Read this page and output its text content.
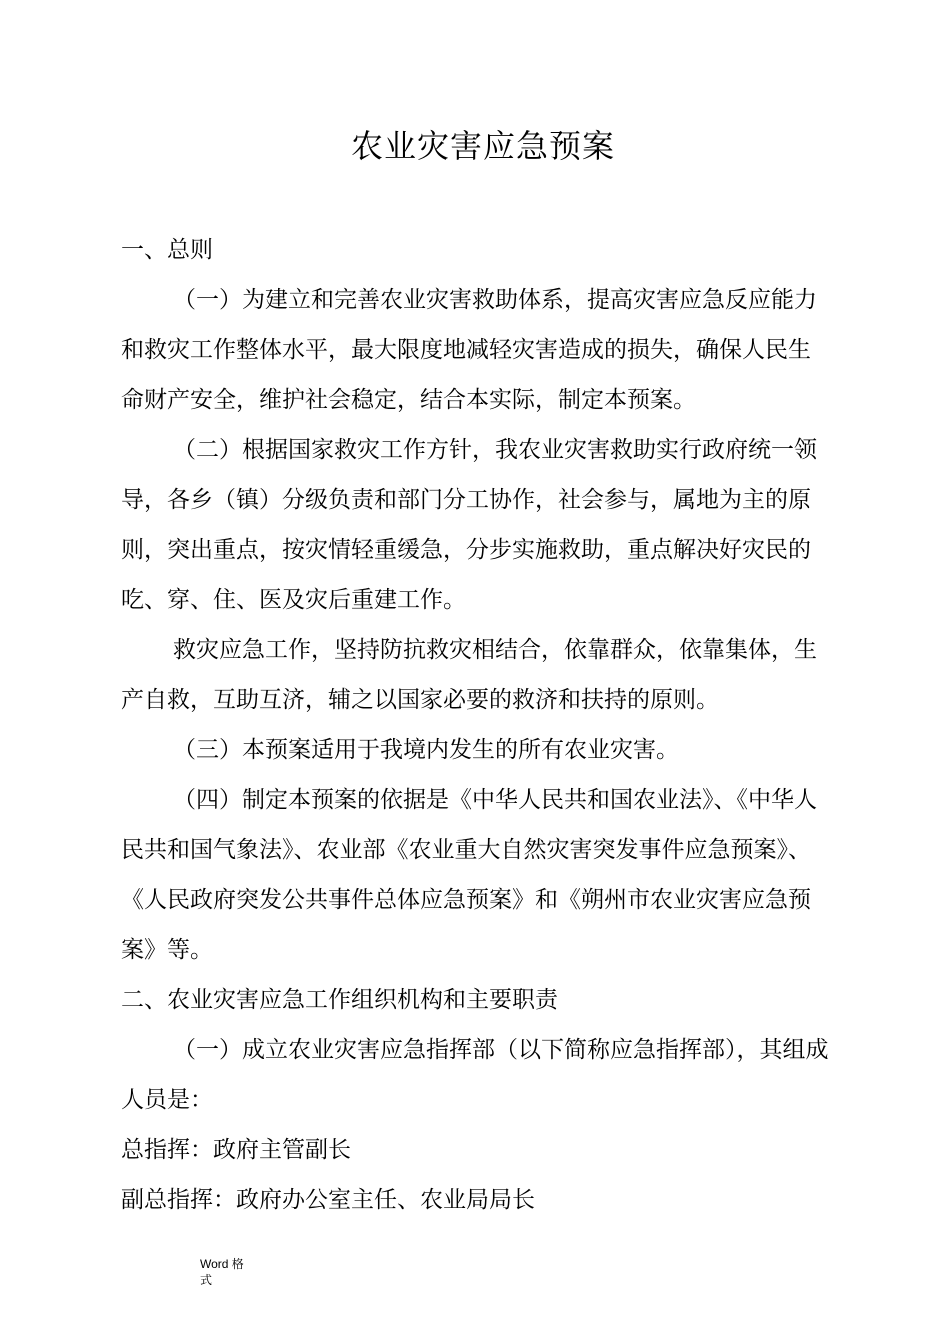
农业灾害应急预案

一、总则

（一）为建立和完善农业灾害救助体系，提高灾害应急反应能力和救灾工作整体水平，最大限度地减轻灾害造成的损失，确保人民生命财产安全，维护社会稳定，结合本实际，制定本预案。

（二）根据国家救灾工作方针，我农业灾害救助实行政府统一领导，各乡（镇）分级负责和部门分工协作，社会参与，属地为主的原则，突出重点，按灾情轻重缓急，分步实施救助，重点解决好灾民的吃、穿、住、医及灾后重建工作。

救灾应急工作，坚持防抗救灾相结合，依靠群众，依靠集体，生产自救，互助互济，辅之以国家必要的救济和扶持的原则。

（三）本预案适用于我境内发生的所有农业灾害。

（四）制定本预案的依据是《中华人民共和国农业法》、《中华人民共和国气象法》、农业部《农业重大自然灾害突发事件应急预案》、《人民政府突发公共事件总体应急预案》和《朔州市农业灾害应急预案》等。

二、农业灾害应急工作组织机构和主要职责

（一）成立农业灾害应急指挥部（以下简称应急指挥部），其组成人员是：

总指挥：政府主管副长

副总指挥：政府办公室主任、农业局局长

Word 格
式
